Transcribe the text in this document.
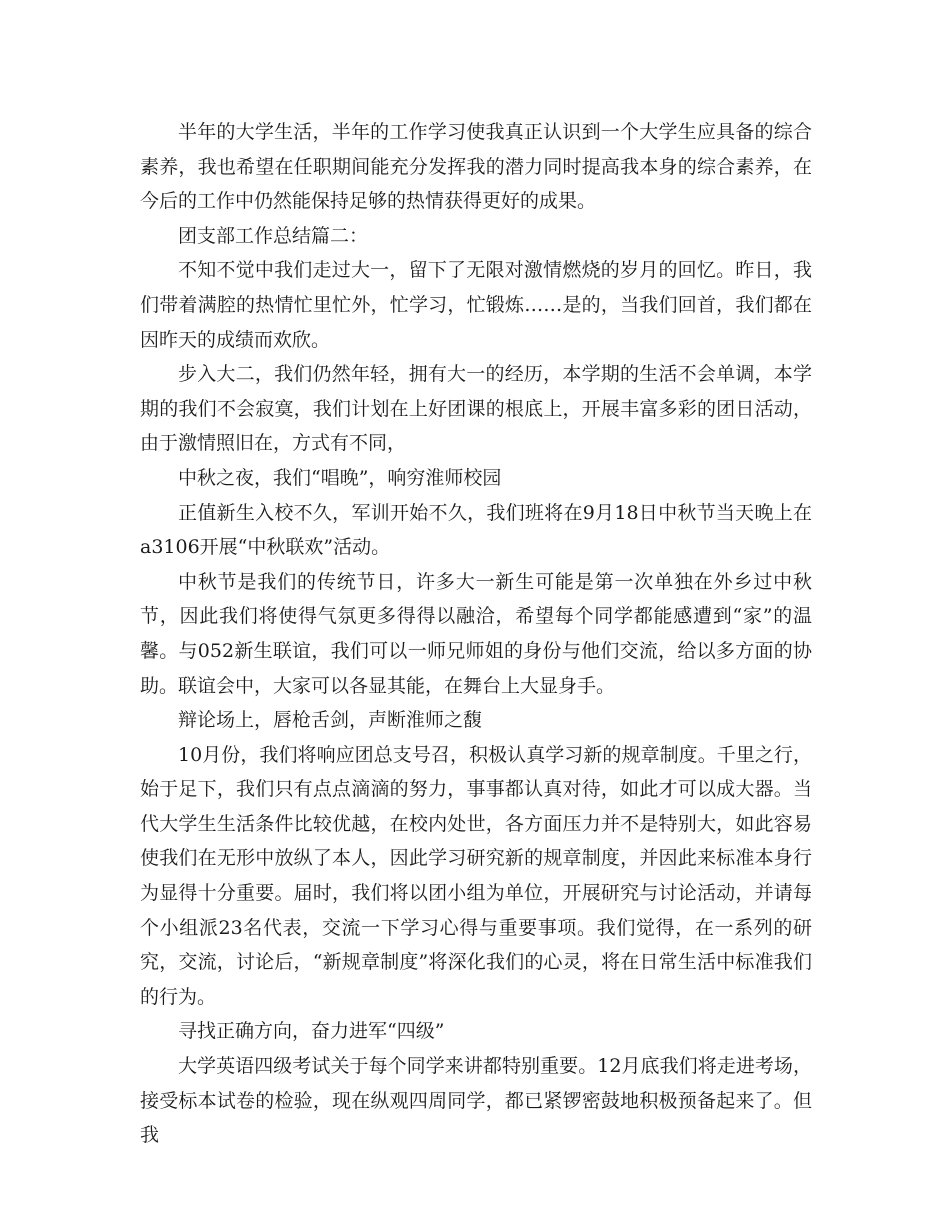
半年的大学生活，半年的工作学习使我真正认识到一个大学生应具备的综合素养，我也希望在任职期间能充分发挥我的潜力同时提高我本身的综合素养，在今后的工作中仍然能保持足够的热情获得更好的成果。

团支部工作总结篇二：

不知不觉中我们走过大一，留下了无限对激情燃烧的岁月的回忆。昨日，我们带着满腔的热情忙里忙外，忙学习，忙锻炼……是的，当我们回首，我们都在因昨天的成绩而欢欣。

步入大二，我们仍然年轻，拥有大一的经历，本学期的生活不会单调，本学期的我们不会寂寞，我们计划在上好团课的根底上，开展丰富多彩的团日活动，由于激情照旧在，方式有不同，

中秋之夜，我们“唱晚”，响穷淮师校园

正值新生入校不久，军训开始不久，我们班将在9月18日中秋节当天晚上在a3106开展“中秋联欢”活动。

中秋节是我们的传统节日，许多大一新生可能是第一次单独在外乡过中秋节，因此我们将使得气氛更多得得以融洽，希望每个同学都能感遭到“家”的温馨。与052新生联谊，我们可以一师兄师姐的身份与他们交流，给以多方面的协助。联谊会中，大家可以各显其能，在舞台上大显身手。

辩论场上，唇枪舌剑，声断淮师之馥

10月份，我们将响应团总支号召，积极认真学习新的规章制度。千里之行，始于足下，我们只有点点滴滴的努力，事事都认真对待，如此才可以成大器。当代大学生生活条件比较优越，在校内处世，各方面压力并不是特别大，如此容易使我们在无形中放纵了本人，因此学习研究新的规章制度，并因此来标准本身行为显得十分重要。届时，我们将以团小组为单位，开展研究与讨论活动，并请每个小组派23名代表，交流一下学习心得与重要事项。我们觉得，在一系列的研究，交流，讨论后，“新规章制度”将深化我们的心灵，将在日常生活中标准我们的行为。

寻找正确方向，奋力进军“四级”

大学英语四级考试关于每个同学来讲都特别重要。12月底我们将走进考场，接受标本试卷的检验，现在纵观四周同学，都已紧锣密鼓地积极预备起来了。但我
